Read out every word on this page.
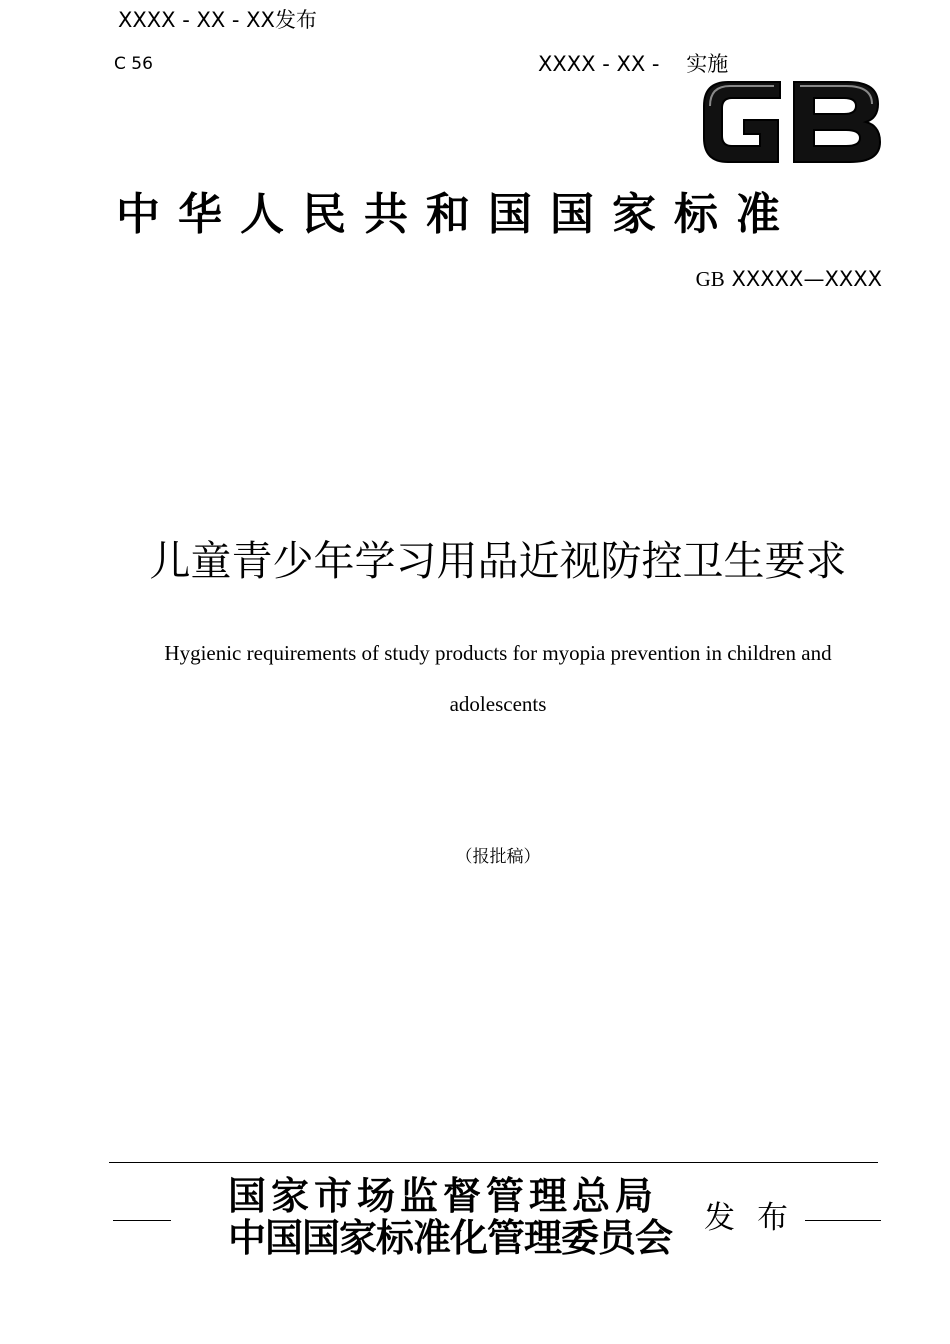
XXXX - XX - XX发布
C 56	XXXX - XX -    实施
中华人民共和国国家标准
GB XXXXX—XXXX
儿童青少年学习用品近视防控卫生要求
Hygienic requirements of study products for myopia prevention in children and adolescents
（报批稿）
国家市场监督管理总局
中国国家标准化管理委员会 发布
